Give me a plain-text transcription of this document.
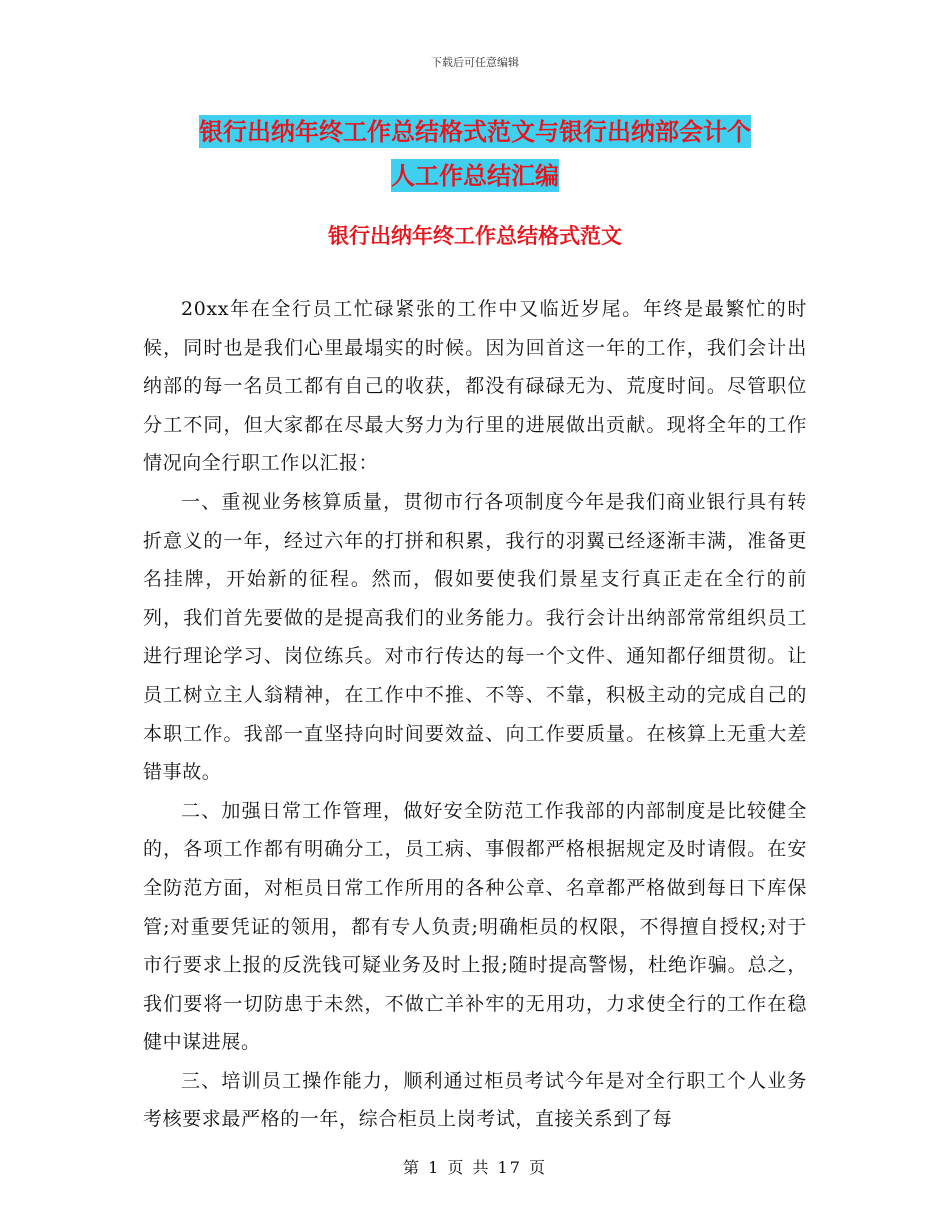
下载后可任意编辑
银行出纳年终工作总结格式范文与银行出纳部会计个
人工作总结汇编
银行出纳年终工作总结格式范文

20xx年在全行员工忙碌紧张的工作中又临近岁尾。年终是最繁忙的时候，同时也是我们心里最塌实的时候。因为回首这一年的工作，我们会计出纳部的每一名员工都有自己的收获，都没有碌碌无为、荒度时间。尽管职位分工不同，但大家都在尽最大努力为行里的进展做出贡献。现将全年的工作情况向全行职工作以汇报：

一、重视业务核算质量，贯彻市行各项制度今年是我们商业银行具有转折意义的一年，经过六年的打拼和积累，我行的羽翼已经逐渐丰满，准备更名挂牌，开始新的征程。然而，假如要使我们景星支行真正走在全行的前列，我们首先要做的是提高我们的业务能力。我行会计出纳部常常组织员工进行理论学习、岗位练兵。对市行传达的每一个文件、通知都仔细贯彻。让员工树立主人翁精神，在工作中不推、不等、不靠，积极主动的完成自己的本职工作。我部一直坚持向时间要效益、向工作要质量。在核算上无重大差错事故。

二、加强日常工作管理，做好安全防范工作我部的内部制度是比较健全的，各项工作都有明确分工，员工病、事假都严格根据规定及时请假。在安全防范方面，对柜员日常工作所用的各种公章、名章都严格做到每日下库保管;对重要凭证的领用，都有专人负责;明确柜员的权限，不得擅自授权;对于市行要求上报的反洗钱可疑业务及时上报;随时提高警惕，杜绝诈骗。总之，我们要将一切防患于未然，不做亡羊补牢的无用功，力求使全行的工作在稳健中谋进展。

三、培训员工操作能力，顺利通过柜员考试今年是对全行职工个人业务考核要求最严格的一年，综合柜员上岗考试，直接关系到了每

第 1 页 共 17 页
